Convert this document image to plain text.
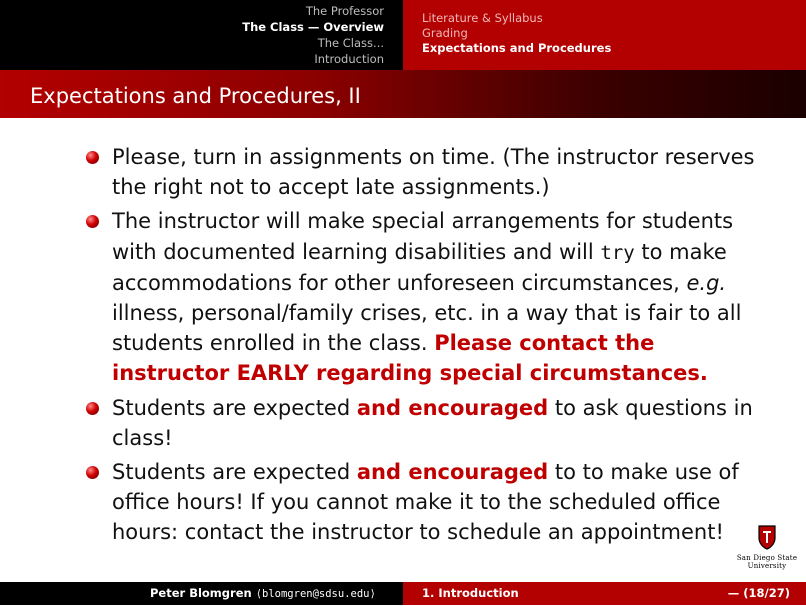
The Professor
The Class — Overview
The Class...
Introduction
Literature & Syllabus
Grading
Expectations and Procedures
Expectations and Procedures, II
Please, turn in assignments on time. (The instructor reserves the right not to accept late assignments.)
The instructor will make special arrangements for students with documented learning disabilities and will try to make accommodations for other unforeseen circumstances, e.g. illness, personal/family crises, etc. in a way that is fair to all students enrolled in the class. Please contact the instructor EARLY regarding special circumstances.
Students are expected and encouraged to ask questions in class!
Students are expected and encouraged to to make use of office hours! If you cannot make it to the scheduled office hours: contact the instructor to schedule an appointment!
San Diego State
University
Peter Blomgren ⟨blomgren@sdsu.edu⟩	1. Introduction	— (18/27)
